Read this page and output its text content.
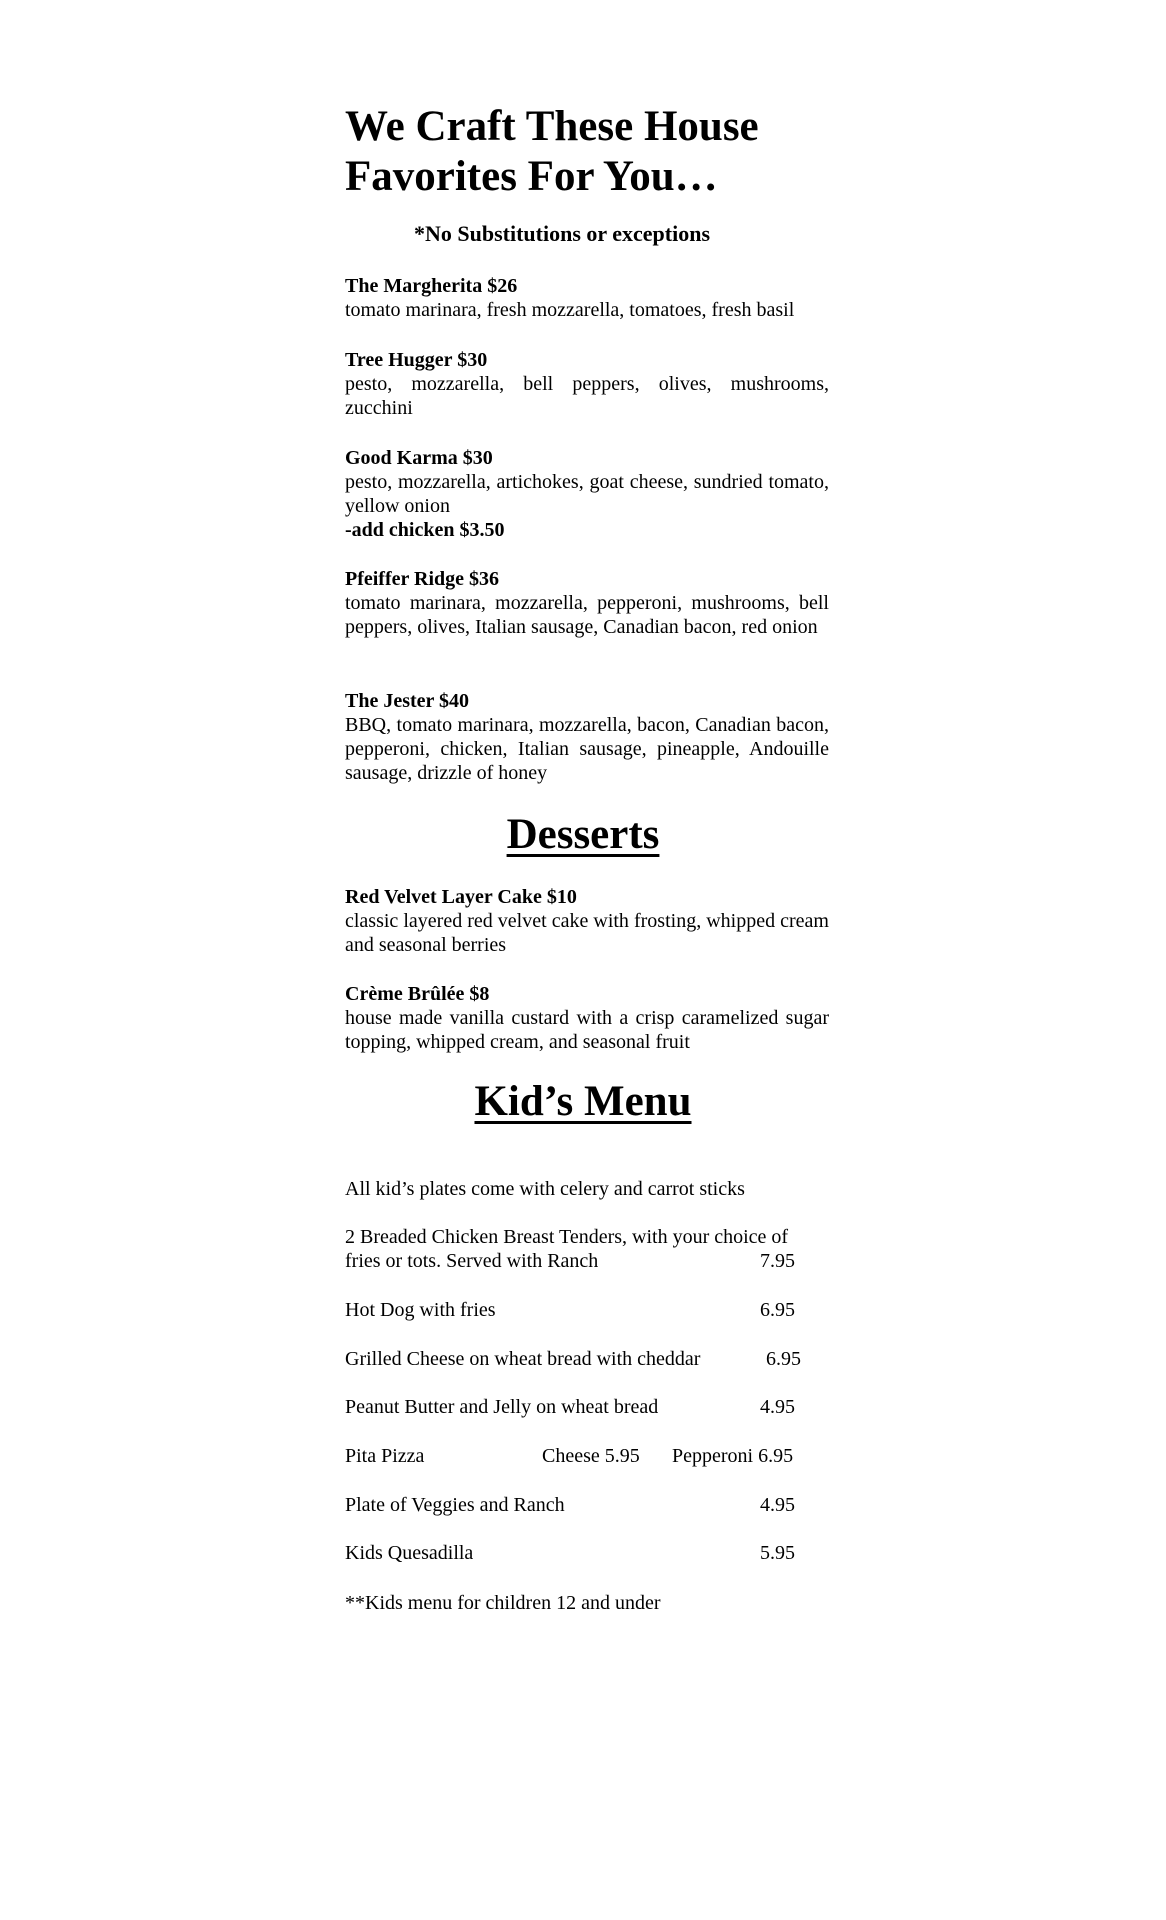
We Craft These House Favorites For You…
*No Substitutions or exceptions
The Margherita $26
tomato marinara, fresh mozzarella, tomatoes, fresh basil
Tree Hugger $30
pesto, mozzarella, bell peppers, olives, mushrooms, zucchini
Good Karma $30
pesto, mozzarella, artichokes, goat cheese, sundried tomato, yellow onion
-add chicken $3.50
Pfeiffer Ridge $36
tomato marinara, mozzarella, pepperoni, mushrooms, bell peppers, olives, Italian sausage, Canadian bacon, red onion
The Jester $40
BBQ, tomato marinara, mozzarella, bacon, Canadian bacon, pepperoni, chicken, Italian sausage, pineapple, Andouille sausage, drizzle of honey
Desserts
Red Velvet Layer Cake $10
classic layered red velvet cake with frosting, whipped cream and seasonal berries
Crème Brûlée $8
house made vanilla custard with a crisp caramelized sugar topping, whipped cream, and seasonal fruit
Kid’s Menu
All kid’s plates come with celery and carrot sticks
2 Breaded Chicken Breast Tenders, with your choice of
fries or tots. Served with Ranch	7.95
Hot Dog with fries	6.95
Grilled Cheese on wheat bread with cheddar	6.95
Peanut Butter and Jelly on wheat bread	4.95
Pita Pizza	Cheese 5.95 Pepperoni 6.95
Plate of Veggies and Ranch	4.95
Kids Quesadilla	5.95
**Kids menu for children 12 and under
